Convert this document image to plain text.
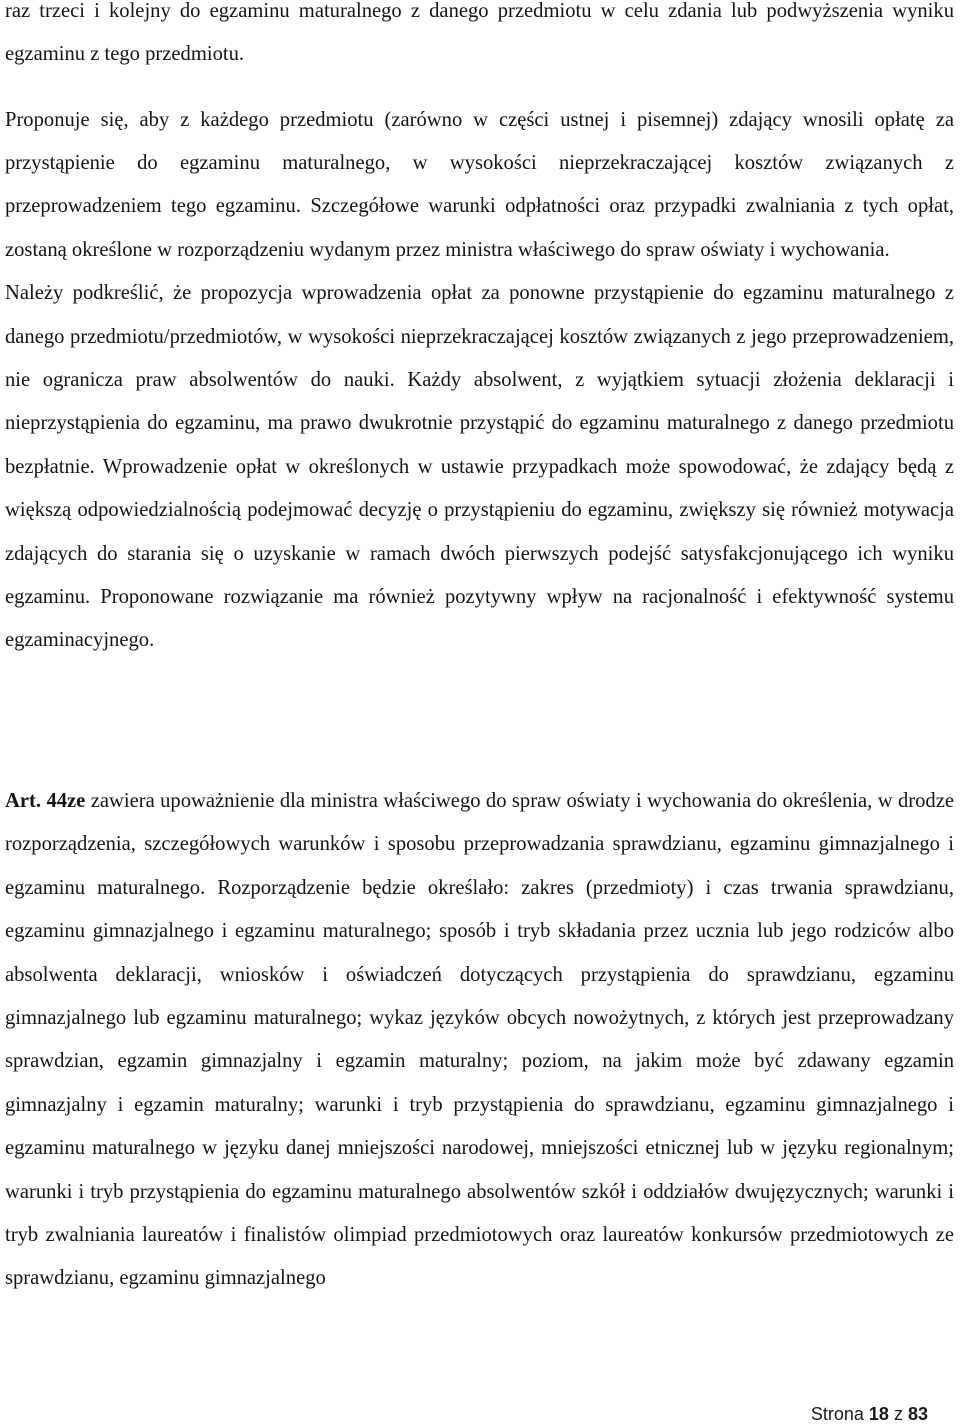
raz trzeci i kolejny do egzaminu maturalnego z danego przedmiotu w celu zdania lub podwyższenia wyniku egzaminu z tego przedmiotu.

Proponuje się, aby z każdego przedmiotu (zarówno w części ustnej i pisemnej) zdający wnosili opłatę za przystąpienie do egzaminu maturalnego, w wysokości nieprzekraczającej kosztów związanych z przeprowadzeniem tego egzaminu. Szczegółowe warunki odpłatności oraz przypadki zwalniania z tych opłat, zostaną określone w rozporządzeniu wydanym przez ministra właściwego do spraw oświaty i wychowania.

Należy podkreślić, że propozycja wprowadzenia opłat za ponowne przystąpienie do egzaminu maturalnego z danego przedmiotu/przedmiotów, w wysokości nieprzekraczającej kosztów związanych z jego przeprowadzeniem, nie ogranicza praw absolwentów do nauki. Każdy absolwent, z wyjątkiem sytuacji złożenia deklaracji i nieprzystąpienia do egzaminu, ma prawo dwukrotnie przystąpić do egzaminu maturalnego z danego przedmiotu bezpłatnie. Wprowadzenie opłat w określonych w ustawie przypadkach może spowodować, że zdający będą z większą odpowiedzialnością podejmować decyzję o przystąpieniu do egzaminu, zwiększy się również motywacja zdających do starania się o uzyskanie w ramach dwóch pierwszych podejść satysfakcjonującego ich wyniku egzaminu. Proponowane rozwiązanie ma również pozytywny wpływ na racjonalność i efektywność systemu egzaminacyjnego.

Art. 44ze zawiera upoważnienie dla ministra właściwego do spraw oświaty i wychowania do określenia, w drodze rozporządzenia, szczegółowych warunków i sposobu przeprowadzania sprawdzianu, egzaminu gimnazjalnego i egzaminu maturalnego. Rozporządzenie będzie określało: zakres (przedmioty) i czas trwania sprawdzianu, egzaminu gimnazjalnego i egzaminu maturalnego; sposób i tryb składania przez ucznia lub jego rodziców albo absolwenta deklaracji, wniosków i oświadczeń dotyczących przystąpienia do sprawdzianu, egzaminu gimnazjalnego lub egzaminu maturalnego; wykaz języków obcych nowożytnych, z których jest przeprowadzany sprawdzian, egzamin gimnazjalny i egzamin maturalny; poziom, na jakim może być zdawany egzamin gimnazjalny i egzamin maturalny; warunki i tryb przystąpienia do sprawdzianu, egzaminu gimnazjalnego i egzaminu maturalnego w języku danej mniejszości narodowej, mniejszości etnicznej lub w języku regionalnym; warunki i tryb przystąpienia do egzaminu maturalnego absolwentów szkół i oddziałów dwujęzycznych; warunki i tryb zwalniania laureatów i finalistów olimpiad przedmiotowych oraz laureatów konkursów przedmiotowych ze sprawdzianu, egzaminu gimnazjalnego

Strona 18 z 83
